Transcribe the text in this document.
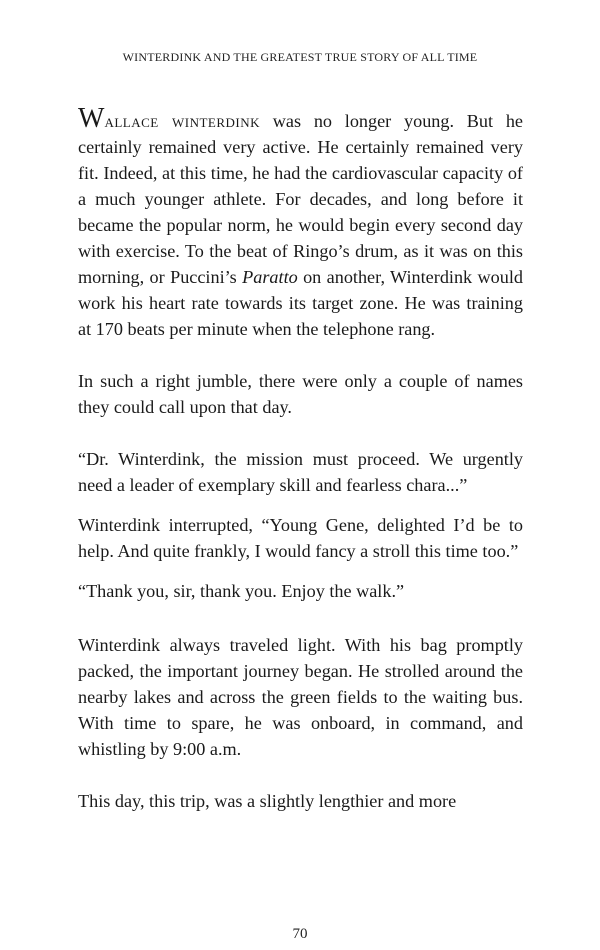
WINTERDINK AND THE GREATEST TRUE STORY OF ALL TIME

Wallace winterdink was no longer young. But he certainly remained very active. He certainly remained very fit. Indeed, at this time, he had the cardiovascular capacity of a much younger athlete. For decades, and long before it became the popular norm, he would begin every second day with exercise. To the beat of Ringo’s drum, as it was on this morning, or Puccini’s Paratto on another, Winterdink would work his heart rate towards its target zone. He was training at 170 beats per minute when the telephone rang.

In such a right jumble, there were only a couple of names they could call upon that day.

“Dr. Winterdink, the mission must proceed. We urgently need a leader of exemplary skill and fearless chara...”

Winterdink interrupted, “Young Gene, delighted I’d be to help. And quite frankly, I would fancy a stroll this time too.”

“Thank you, sir, thank you. Enjoy the walk.”

Winterdink always traveled light. With his bag promptly packed, the important journey began. He strolled around the nearby lakes and across the green fields to the waiting bus. With time to spare, he was onboard, in command, and whistling by 9:00 a.m.

This day, this trip, was a slightly lengthier and more

70
